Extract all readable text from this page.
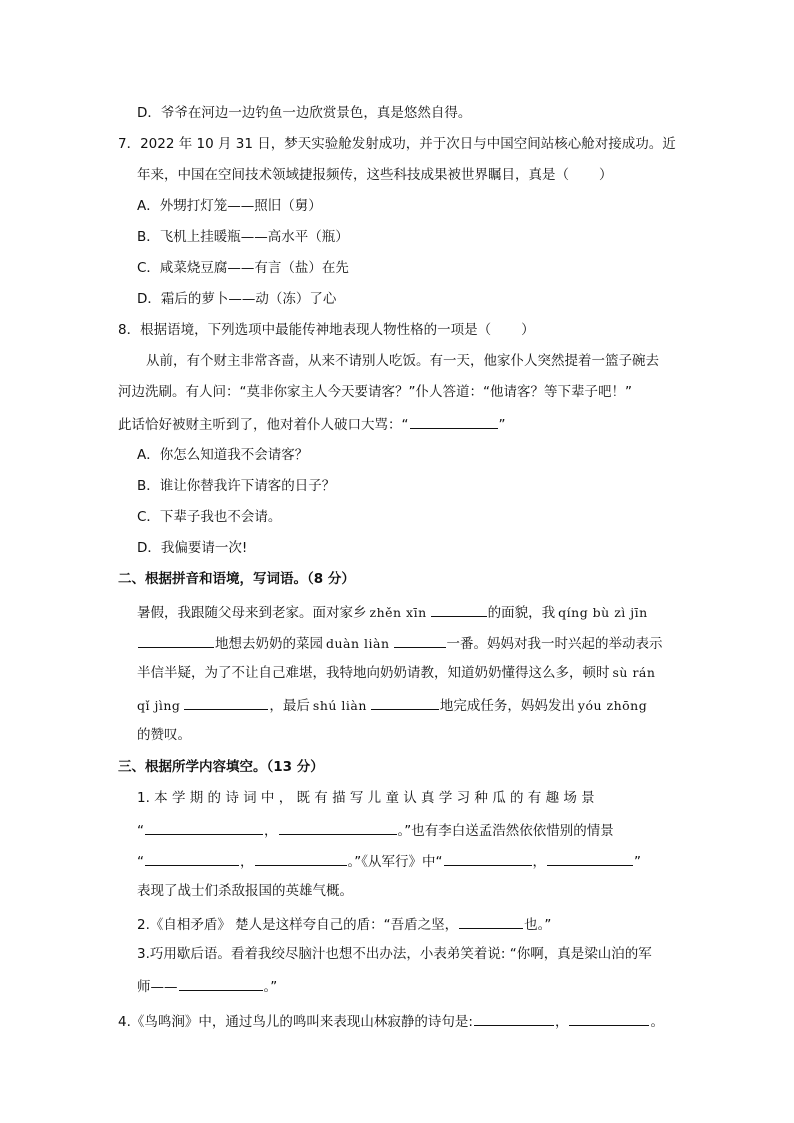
D．爷爷在河边一边钓鱼一边欣赏景色，真是悠然自得。
7．2022 年 10 月 31 日，梦天实验舱发射成功，并于次日与中国空间站核心舱对接成功。近
年来，中国在空间技术领域捷报频传，这些科技成果被世界瞩目，真是（ ）
A．外甥打灯笼——照旧（舅）
B．飞机上挂暖瓶——高水平（瓶）
C．咸菜烧豆腐——有言（盐）在先
D．霜后的萝卜——动（冻）了心
8．根据语境，下列选项中最能传神地表现人物性格的一项是（ ）
从前，有个财主非常吝啬，从来不请别人吃饭。有一天，他家仆人突然提着一篮子碗去
河边洗刷。有人问：“莫非你家主人今天要请客？”仆人答道：“他请客？等下辈子吧！”
此话恰好被财主听到了，他对着仆人破口大骂：“	”
A．你怎么知道我不会请客？
B．谁让你替我许下请客的日子？
C．下辈子我也不会请。
D．我偏要请一次!
二、根据拼音和语境，写词语。（8 分）
暑假，我跟随父母来到老家。面对家乡 zhěn xīn	的面貌，我 qíng bù zì jīn
地想去奶奶的菜园 duàn liàn	一番。妈妈对我一时兴起的举动表示
半信半疑，为了不让自己难堪，我特地向奶奶请教，知道奶奶懂得这么多，顿时 sù rán
qǐ jìng	，最后 shú liàn	地完成任务，妈妈发出 yóu zhōng
的赞叹。
三、根据所学内容填空。（13 分）
1. 本 学 期 的 诗 词 中 ， 既 有 描 写 儿 童 认 真 学 习 种 瓜 的 有 趣 场 景
“	，	。”也有李白送孟浩然依依惜别的情景
“	，	。”《从军行》中“	，	”
表现了战士们杀敌报国的英雄气概。
2.《自相矛盾》 楚人是这样夸自己的盾：“吾盾之坚，	也。”
3.巧用歇后语。看着我绞尽脑汁也想不出办法，小表弟笑着说: “你啊，真是梁山泊的军
师——	。”
4.《鸟鸣涧》中，通过鸟儿的鸣叫来表现山林寂静的诗句是:	，	。
